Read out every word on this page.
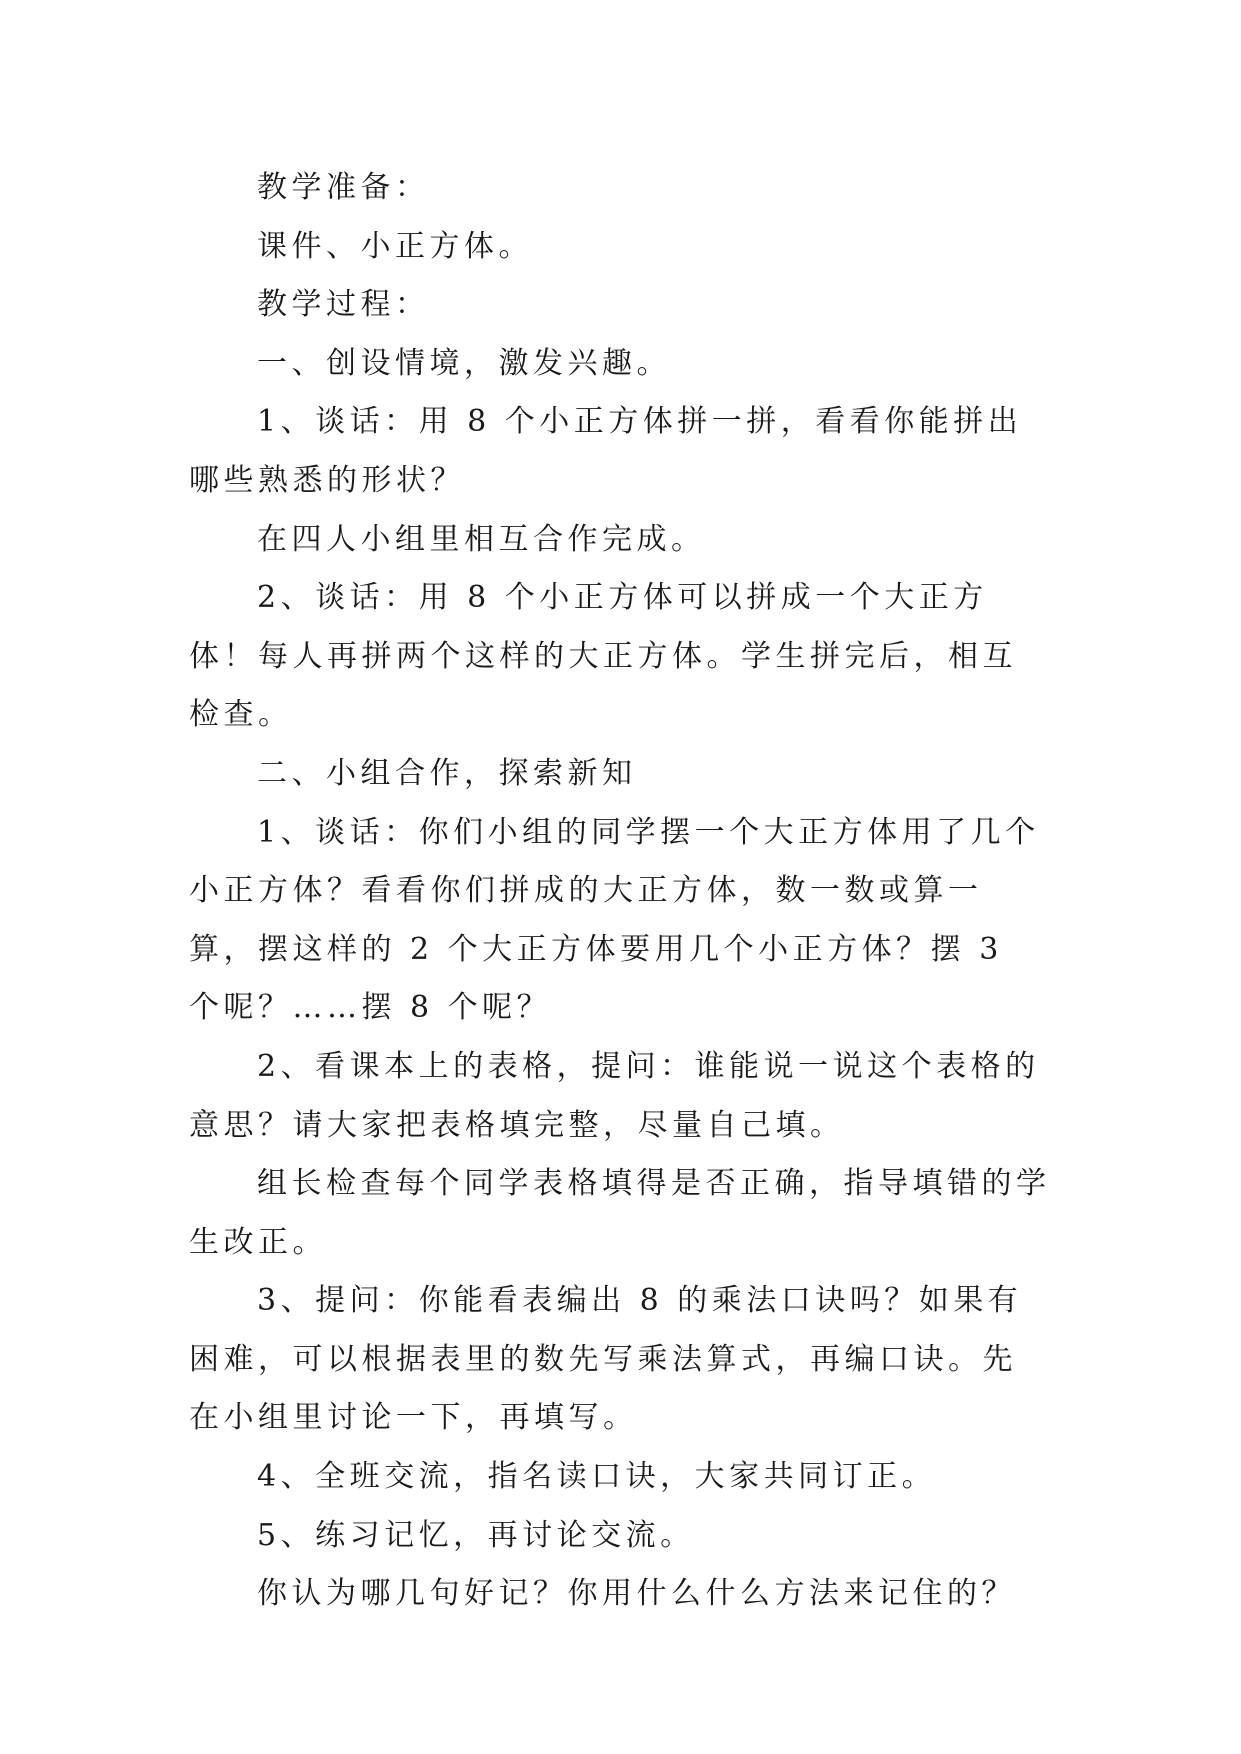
教学准备：

课件、小正方体。

教学过程：

一、创设情境，激发兴趣。

1、谈话：用 8 个小正方体拼一拼，看看你能拼出哪些熟悉的形状？

在四人小组里相互合作完成。

2、谈话：用 8 个小正方体可以拼成一个大正方体！每人再拼两个这样的大正方体。学生拼完后，相互检查。

二、小组合作，探索新知

1、谈话：你们小组的同学摆一个大正方体用了几个小正方体？看看你们拼成的大正方体，数一数或算一算，摆这样的 2 个大正方体要用几个小正方体？摆 3 个呢？……摆 8 个呢？

2、看课本上的表格，提问：谁能说一说这个表格的意思？请大家把表格填完整，尽量自己填。

组长检查每个同学表格填得是否正确，指导填错的学生改正。

3、提问：你能看表编出 8 的乘法口诀吗？如果有困难，可以根据表里的数先写乘法算式，再编口诀。先在小组里讨论一下，再填写。

4、全班交流，指名读口诀，大家共同订正。

5、练习记忆，再讨论交流。

你认为哪几句好记？你用什么什么方法来记住的？
